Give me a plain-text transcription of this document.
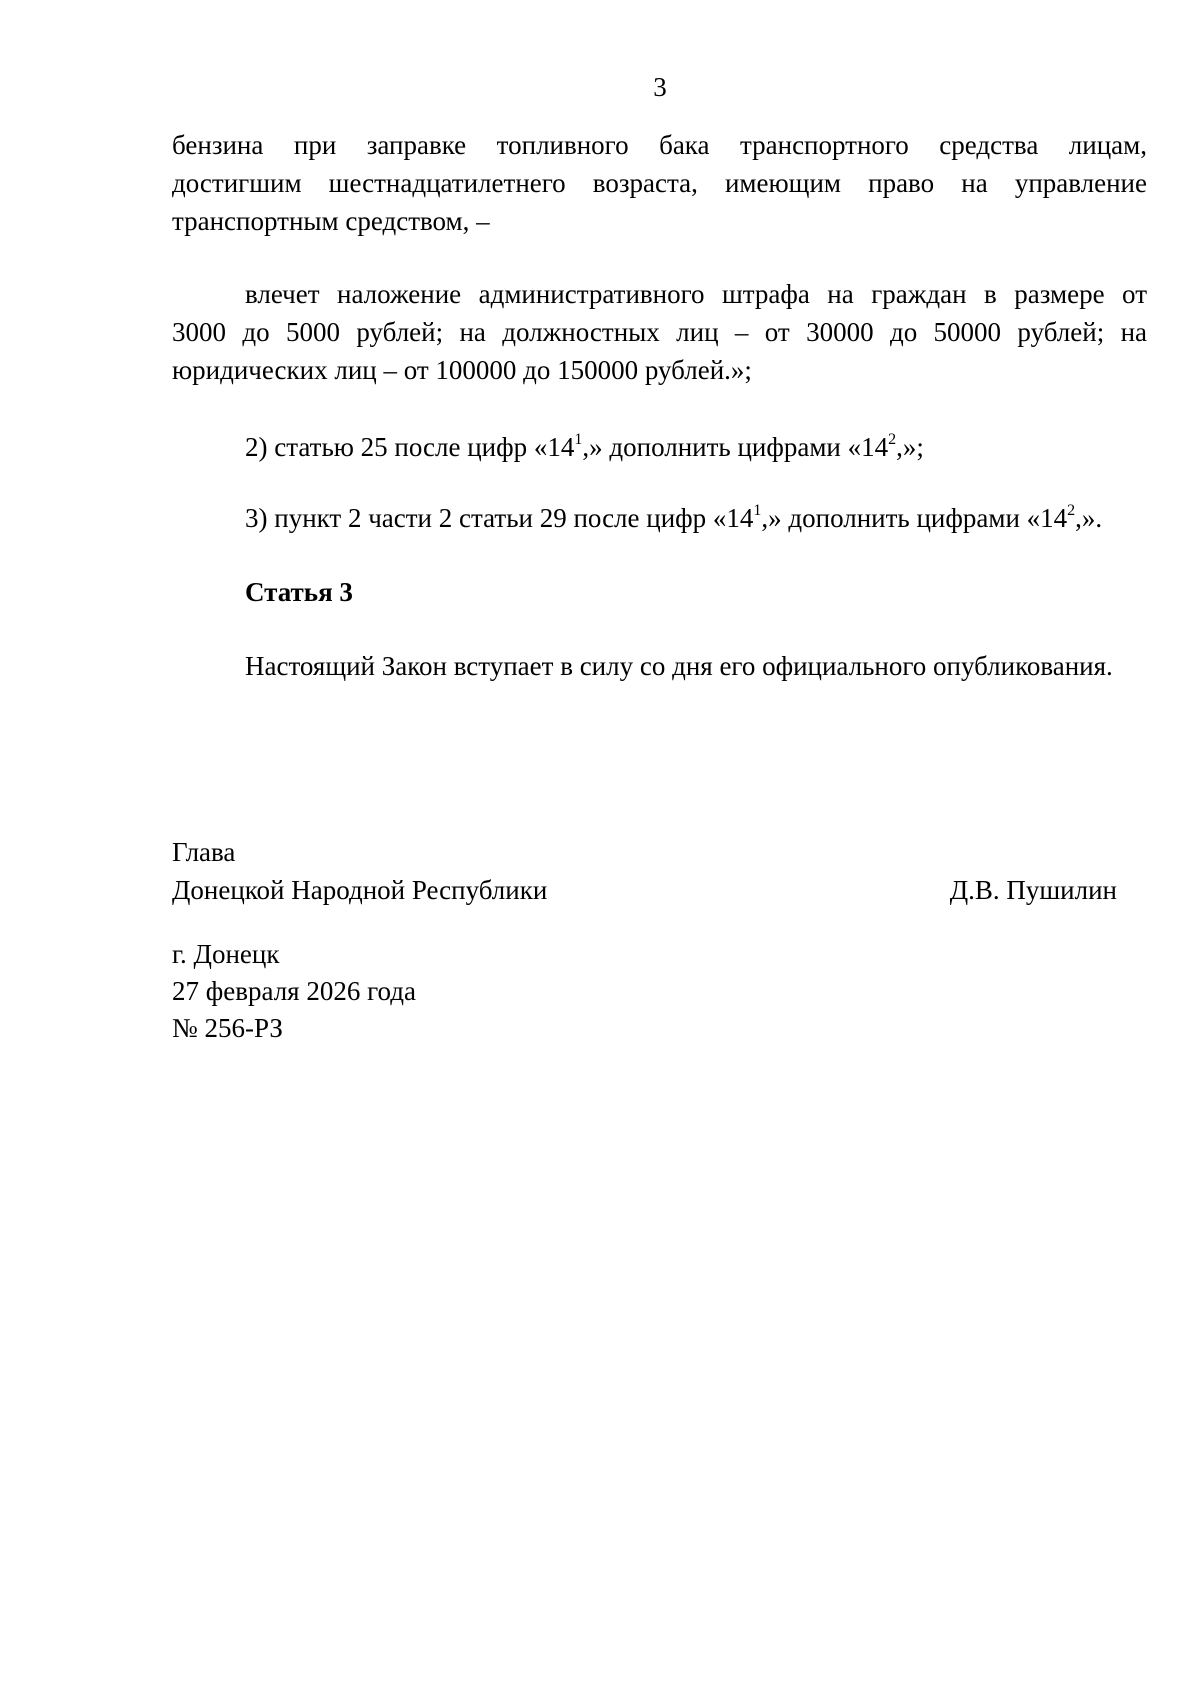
3
бензина при заправке топливного бака транспортного средства лицам,
достигшим шестнадцатилетнего возраста, имеющим право на управление
транспортным средством, –
влечет наложение административного штрафа на граждан в размере от
3000 до 5000 рублей; на должностных лиц – от 30000 до 50000 рублей; на
юридических лиц – от 100000 до 150000 рублей.»;
2) статью 25 после цифр «$14^1$,» дополнить цифрами «$14^2$,»;
3) пункт 2 части 2 статьи 29 после цифр «$14^1$,» дополнить цифрами «$14^2$,».
Статья 3
Настоящий Закон вступает в силу со дня его официального опубликования.
Глава
Донецкой Народной Республики	Д.В. Пушилин
г. Донецк
27 февраля 2026 года
№ 256-РЗ
